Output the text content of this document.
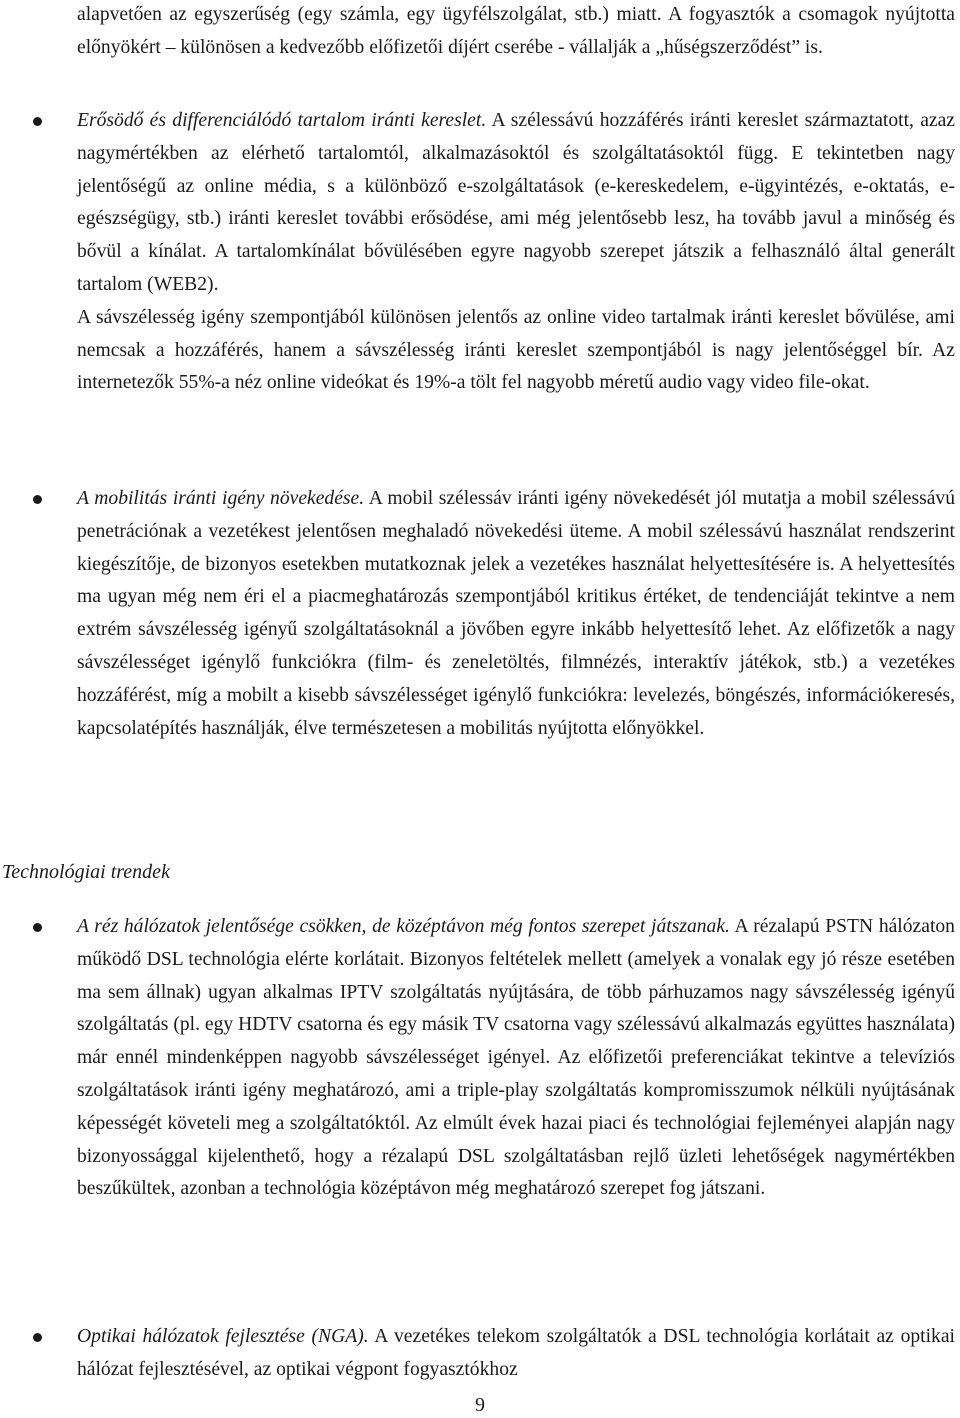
alapvetően az egyszerűség (egy számla, egy ügyfélszolgálat, stb.) miatt. A fogyasztók a csomagok nyújtotta előnyökért – különösen a kedvezőbb előfizetői díjért cserébe - vállalják a „hűségszerződést” is.

Erősödő és differenciálódó tartalom iránti kereslet. A szélessávú hozzáférés iránti kereslet származtatott, azaz nagymértékben az elérhető tartalomtól, alkalmazásoktól és szolgáltatásoktól függ. E tekintetben nagy jelentőségű az online média, s a különböző e-szolgáltatások (e-kereskedelem, e-ügyintézés, e-oktatás, e-egészségügy, stb.) iránti kereslet további erősödése, ami még jelentősebb lesz, ha tovább javul a minőség és bővül a kínálat. A tartalomkínálat bővülésében egyre nagyobb szerepet játszik a felhasználó által generált tartalom (WEB2).

A sávszélesség igény szempontjából különösen jelentős az online video tartalmak iránti kereslet bővülése, ami nemcsak a hozzáférés, hanem a sávszélesség iránti kereslet szempontjából is nagy jelentőséggel bír. Az internetezők 55%-a néz online videókat és 19%-a tölt fel nagyobb méretű audio vagy video file-okat.

A mobilitás iránti igény növekedése. A mobil szélessáv iránti igény növekedését jól mutatja a mobil szélessávú penetrációnak a vezetékest jelentősen meghaladó növekedési üteme. A mobil szélessávú használat rendszerint kiegészítője, de bizonyos esetekben mutatkoznak jelek a vezetékes használat helyettesítésére is. A helyettesítés ma ugyan még nem éri el a piacmeghatározás szempontjából kritikus értéket, de tendenciáját tekintve a nem extrém sávszélesség igényű szolgáltatásoknál a jövőben egyre inkább helyettesítő lehet. Az előfizetők a nagy sávszélességet igénylő funkciókra (film- és zeneletöltés, filmnézés, interaktív játékok, stb.) a vezetékes hozzáférést, míg a mobilt a kisebb sávszélességet igénylő funkciókra: levelezés, böngészés, információkeresés, kapcsolatépítés használják, élve természetesen a mobilitás nyújtotta előnyökkel.

Technológiai trendek

A réz hálózatok jelentősége csökken, de középtávon még fontos szerepet játszanak. A rézalapú PSTN hálózaton működő DSL technológia elérte korlátait. Bizonyos feltételek mellett (amelyek a vonalak egy jó része esetében ma sem állnak) ugyan alkalmas IPTV szolgáltatás nyújtására, de több párhuzamos nagy sávszélesség igényű szolgáltatás (pl. egy HDTV csatorna és egy másik TV csatorna vagy szélessávú alkalmazás együttes használata) már ennél mindenképpen nagyobb sávszélességet igényel. Az előfizetői preferenciákat tekintve a televíziós szolgáltatások iránti igény meghatározó, ami a triple-play szolgáltatás kompromisszumok nélküli nyújtásának képességét követeli meg a szolgáltatóktól. Az elmúlt évek hazai piaci és technológiai fejleményei alapján nagy bizonyossággal kijelenthető, hogy a rézalapú DSL szolgáltatásban rejlő üzleti lehetőségek nagymértékben beszűkültek, azonban a technológia középtávon még meghatározó szerepet fog játszani.

Optikai hálózatok fejlesztése (NGA). A vezetékes telekom szolgáltatók a DSL technológia korlátait az optikai hálózat fejlesztésével, az optikai végpont fogyasztókhoz

9
